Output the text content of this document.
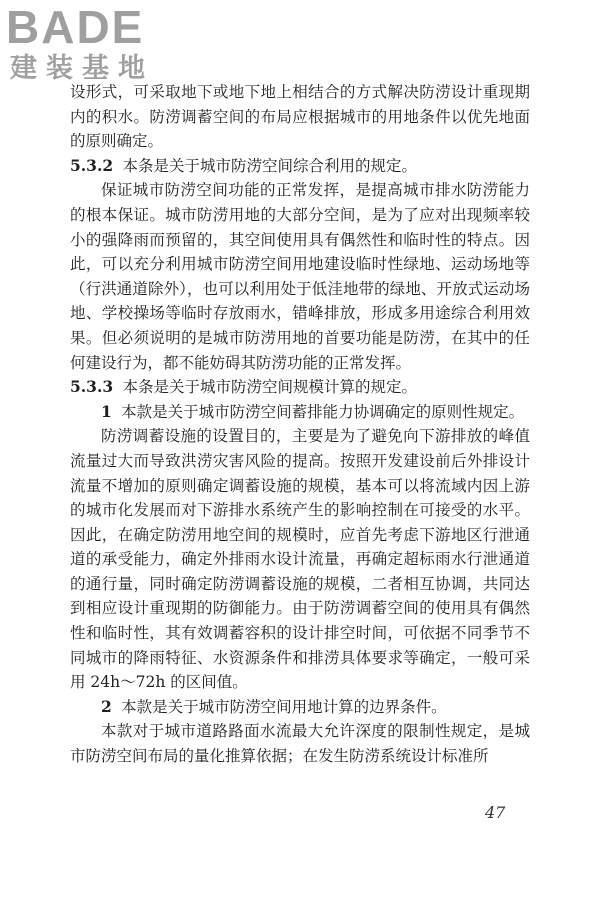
BADE
建装基地

设形式，可采取地下或地下地上相结合的方式解决防涝设计重现期内的积水。防涝调蓄空间的布局应根据城市的用地条件以优先地面的原则确定。

5.3.2 本条是关于城市防涝空间综合利用的规定。

保证城市防涝空间功能的正常发挥，是提高城市排水防涝能力的根本保证。城市防涝用地的大部分空间，是为了应对出现频率较小的强降雨而预留的，其空间使用具有偶然性和临时性的特点。因此，可以充分利用城市防涝空间用地建设临时性绿地、运动场地等（行洪通道除外），也可以利用处于低洼地带的绿地、开放式运动场地、学校操场等临时存放雨水，错峰排放，形成多用途综合利用效果。但必须说明的是城市防涝用地的首要功能是防涝，在其中的任何建设行为，都不能妨碍其防涝功能的正常发挥。

5.3.3 本条是关于城市防涝空间规模计算的规定。

1 本款是关于城市防涝空间蓄排能力协调确定的原则性规定。

防涝调蓄设施的设置目的，主要是为了避免向下游排放的峰值流量过大而导致洪涝灾害风险的提高。按照开发建设前后外排设计流量不增加的原则确定调蓄设施的规模，基本可以将流域内因上游的城市化发展而对下游排水系统产生的影响控制在可接受的水平。因此，在确定防涝用地空间的规模时，应首先考虑下游地区行泄通道的承受能力，确定外排雨水设计流量，再确定超标雨水行泄通道的通行量，同时确定防涝调蓄设施的规模，二者相互协调，共同达到相应设计重现期的防御能力。由于防涝调蓄空间的使用具有偶然性和临时性，其有效调蓄容积的设计排空时间，可依据不同季节不同城市的降雨特征、水资源条件和排涝具体要求等确定，一般可采用 24h～72h 的区间值。

2 本款是关于城市防涝空间用地计算的边界条件。

本款对于城市道路路面水流最大允许深度的限制性规定，是城市防涝空间布局的量化推算依据；在发生防涝系统设计标准所

47
